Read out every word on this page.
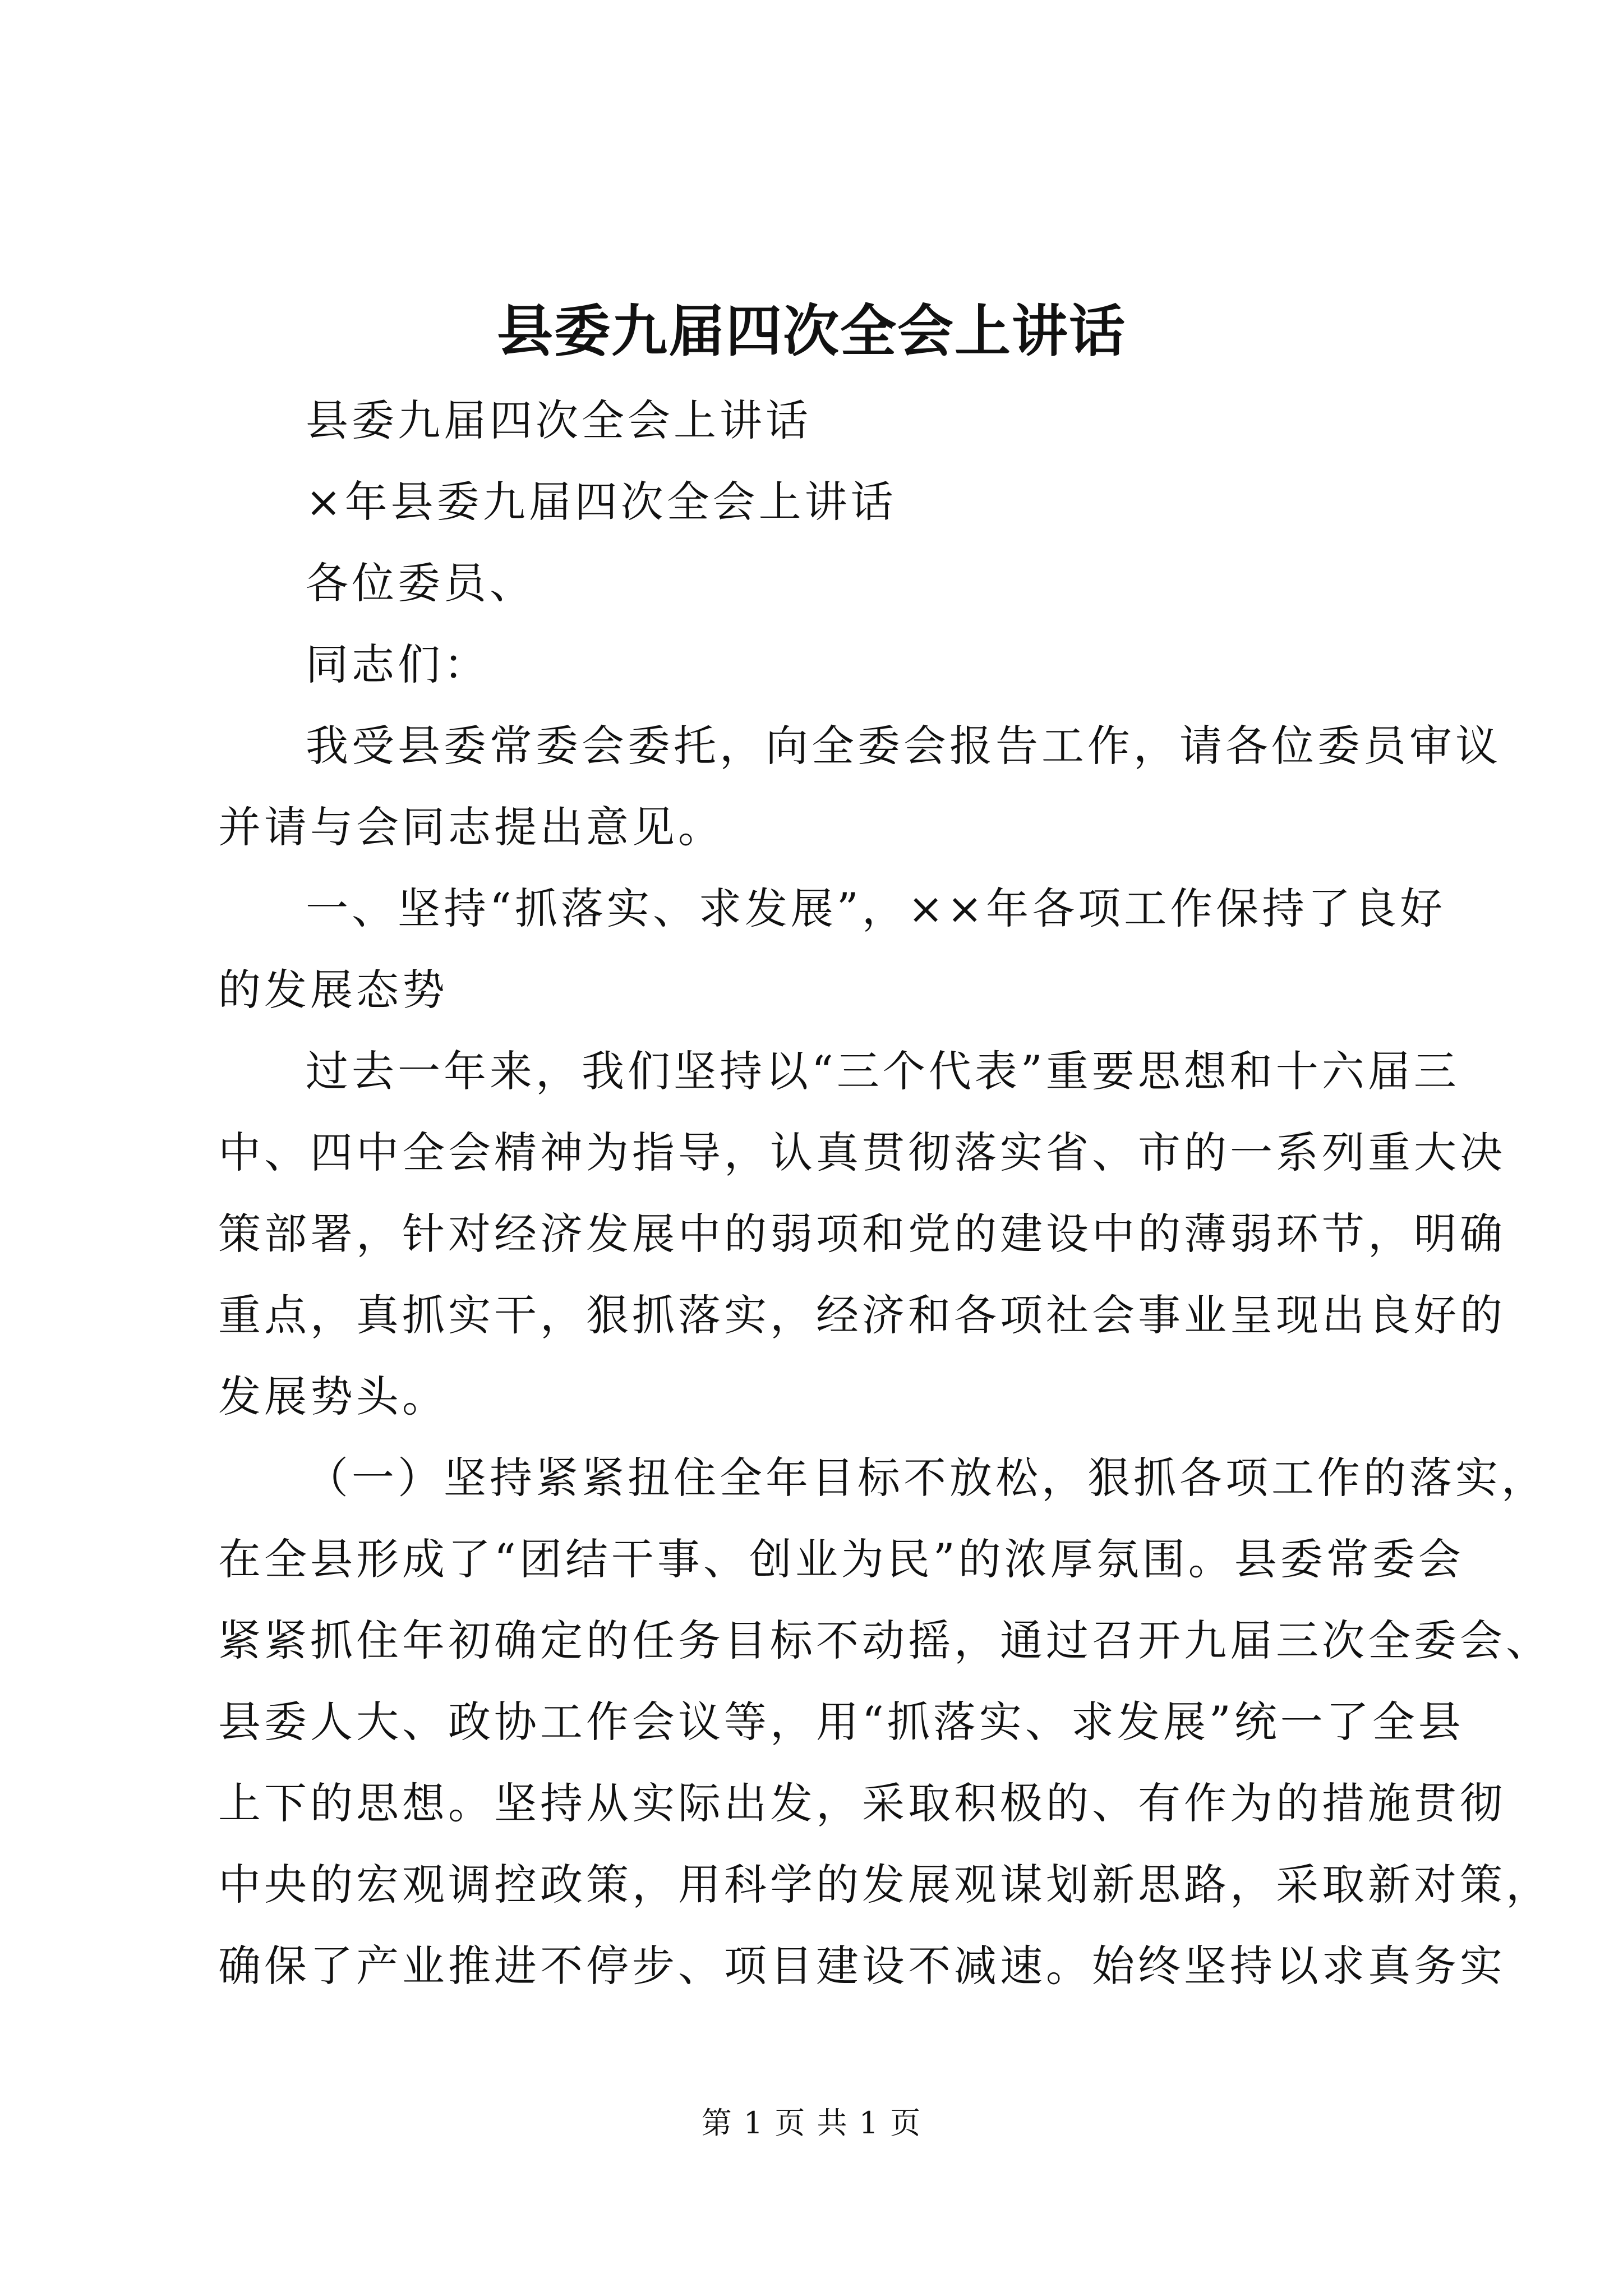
县委九届四次全会上讲话
县委九届四次全会上讲话
×年县委九届四次全会上讲话
各位委员、
同志们：
我受县委常委会委托，向全委会报告工作，请各位委员审议
并请与会同志提出意见。
一、坚持“抓落实、求发展”，××年各项工作保持了良好
的发展态势
过去一年来，我们坚持以“三个代表”重要思想和十六届三
中、四中全会精神为指导，认真贯彻落实省、市的一系列重大决
策部署，针对经济发展中的弱项和党的建设中的薄弱环节，明确
重点，真抓实干，狠抓落实，经济和各项社会事业呈现出良好的
发展势头。
（一）坚持紧紧扭住全年目标不放松，狠抓各项工作的落实，
在全县形成了“团结干事、创业为民”的浓厚氛围。县委常委会
紧紧抓住年初确定的任务目标不动摇，通过召开九届三次全委会、
县委人大、政协工作会议等，用“抓落实、求发展”统一了全县
上下的思想。坚持从实际出发，采取积极的、有作为的措施贯彻
中央的宏观调控政策，用科学的发展观谋划新思路，采取新对策，
确保了产业推进不停步、项目建设不减速。始终坚持以求真务实
第 1 页 共 1 页
